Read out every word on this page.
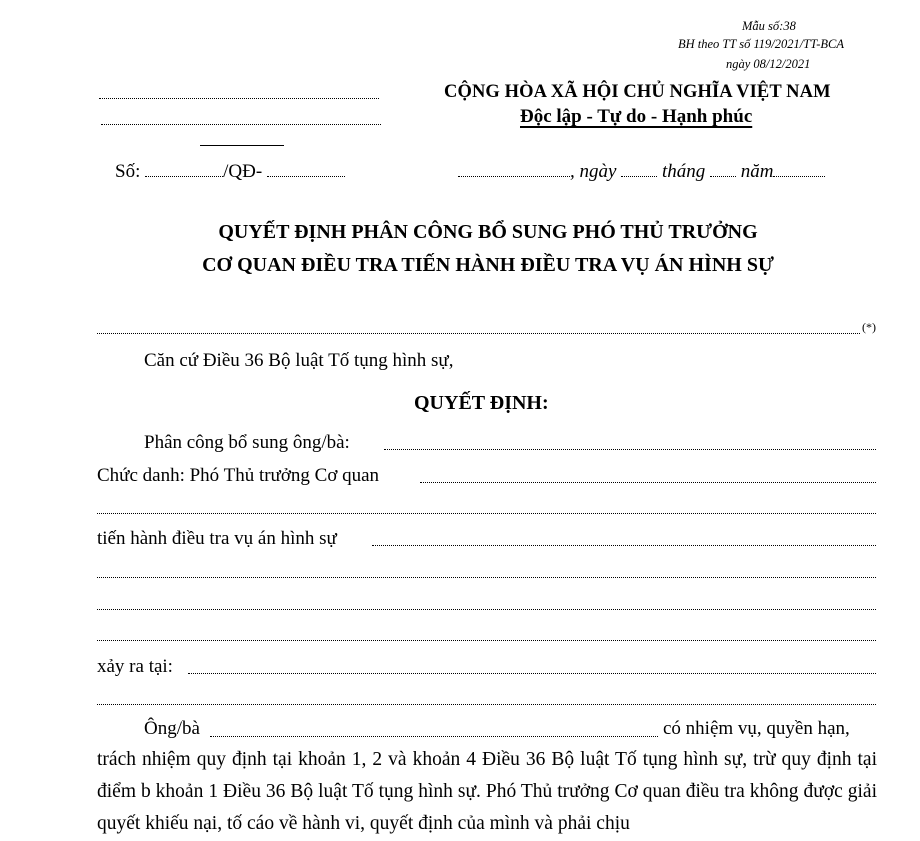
Mẫu số:38
BH theo TT số 119/2021/TT-BCA
ngày 08/12/2021
CỘNG HÒA XÃ HỘI CHỦ NGHĨA VIỆT NAM
Độc lập - Tự do - Hạnh phúc
Số:	/QĐ-	, ngày tháng năm
QUYẾT ĐỊNH PHÂN CÔNG BỔ SUNG PHÓ THỦ TRƯỞNG
CƠ QUAN ĐIỀU TRA TIẾN HÀNH ĐIỀU TRA VỤ ÁN HÌNH SỰ
(*)
Căn cứ Điều 36 Bộ luật Tố tụng hình sự,
QUYẾT ĐỊNH:
Phân công bổ sung ông/bà:
Chức danh: Phó Thủ trưởng Cơ quan
tiến hành điều tra vụ án hình sự
xảy ra tại:
Ông/bà	có nhiệm vụ, quyền hạn,
trách nhiệm quy định tại khoản 1, 2 và khoản 4 Điều 36 Bộ luật Tố tụng hình sự, trừ quy định tại điểm b khoản 1 Điều 36 Bộ luật Tố tụng hình sự. Phó Thủ trưởng Cơ quan điều tra không được giải quyết khiếu nại, tố cáo về hành vi, quyết định của mình và phải chịu
